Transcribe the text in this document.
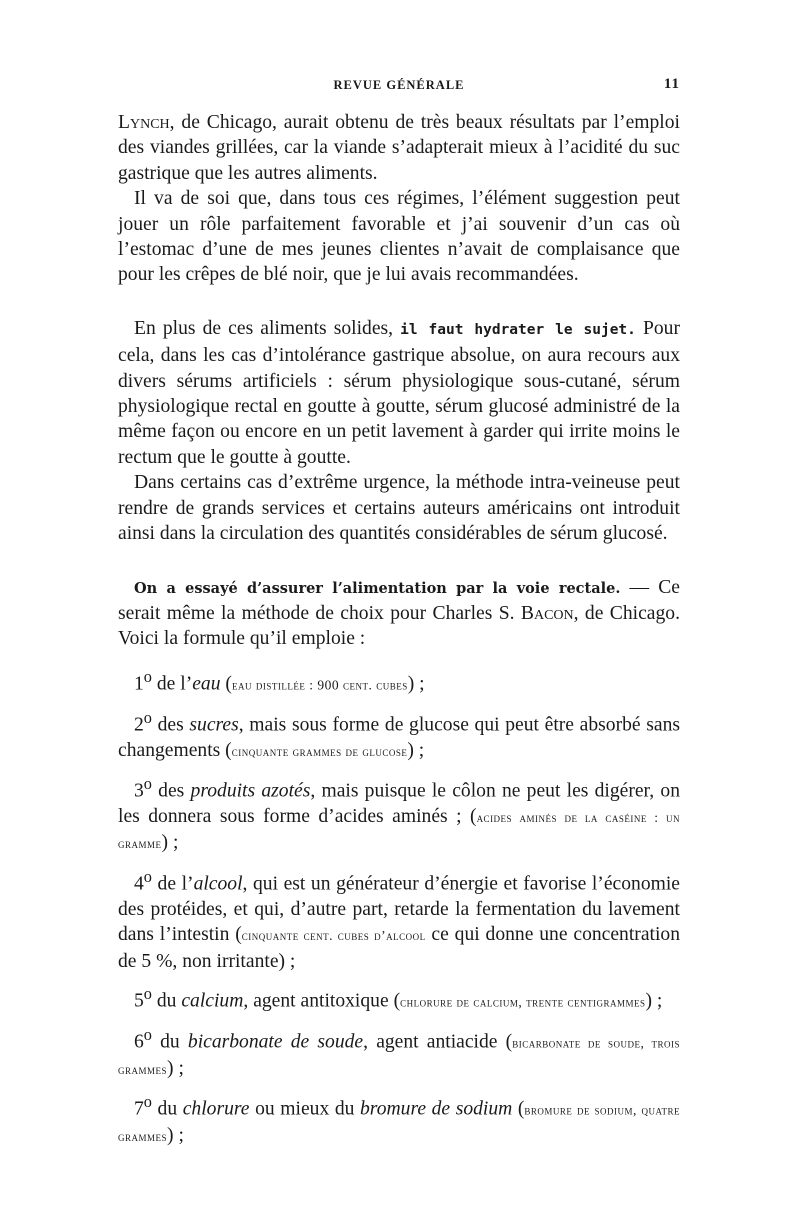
REVUE GÉNÉRALE	11

Lynch, de Chicago, aurait obtenu de très beaux résultats par l’emploi des viandes grillées, car la viande s’adapterait mieux à l’acidité du suc gastrique que les autres aliments.

Il va de soi que, dans tous ces régimes, l’élément suggestion peut jouer un rôle parfaitement favorable et j’ai souvenir d’un cas où l’estomac d’une de mes jeunes clientes n’avait de complaisance que pour les crêpes de blé noir, que je lui avais recommandées.

En plus de ces aliments solides, il faut hydrater le sujet. Pour cela, dans les cas d’intolérance gastrique absolue, on aura recours aux divers sérums artificiels : sérum physiologique sous-cutané, sérum physiologique rectal en goutte à goutte, sérum glucosé administré de la même façon ou encore en un petit lavement à garder qui irrite moins le rectum que le goutte à goutte.

Dans certains cas d’extrême urgence, la méthode intra-veineuse peut rendre de grands services et certains auteurs américains ont introduit ainsi dans la circulation des quantités considérables de sérum glucosé.

On a essayé d’assurer l’alimentation par la voie rectale. — Ce serait même la méthode de choix pour Charles S. Bacon, de Chicago. Voici la formule qu’il emploie :

1$^o$ de l’eau (eau distillée : 900 cent. cubes) ;

2$^o$ des sucres, mais sous forme de glucose qui peut être absorbé sans changements (cinquante grammes de glucose) ;

3$^o$ des produits azotés, mais puisque le côlon ne peut les digérer, on les donnera sous forme d’acides aminés ; (acides aminés de la caséine : un gramme) ;

4$^o$ de l’alcool, qui est un générateur d’énergie et favorise l’économie des protéides, et qui, d’autre part, retarde la fermentation du lavement dans l’intestin (cinquante cent. cubes d’alcool ce qui donne une concentration de 5 %, non irritante) ;

5$^o$ du calcium, agent antitoxique (chlorure de calcium, trente centigrammes) ;

6$^o$ du bicarbonate de soude, agent antiacide (bicarbonate de soude, trois grammes) ;

7$^o$ du chlorure ou mieux du bromure de sodium (bromure de sodium, quatre grammes) ;
